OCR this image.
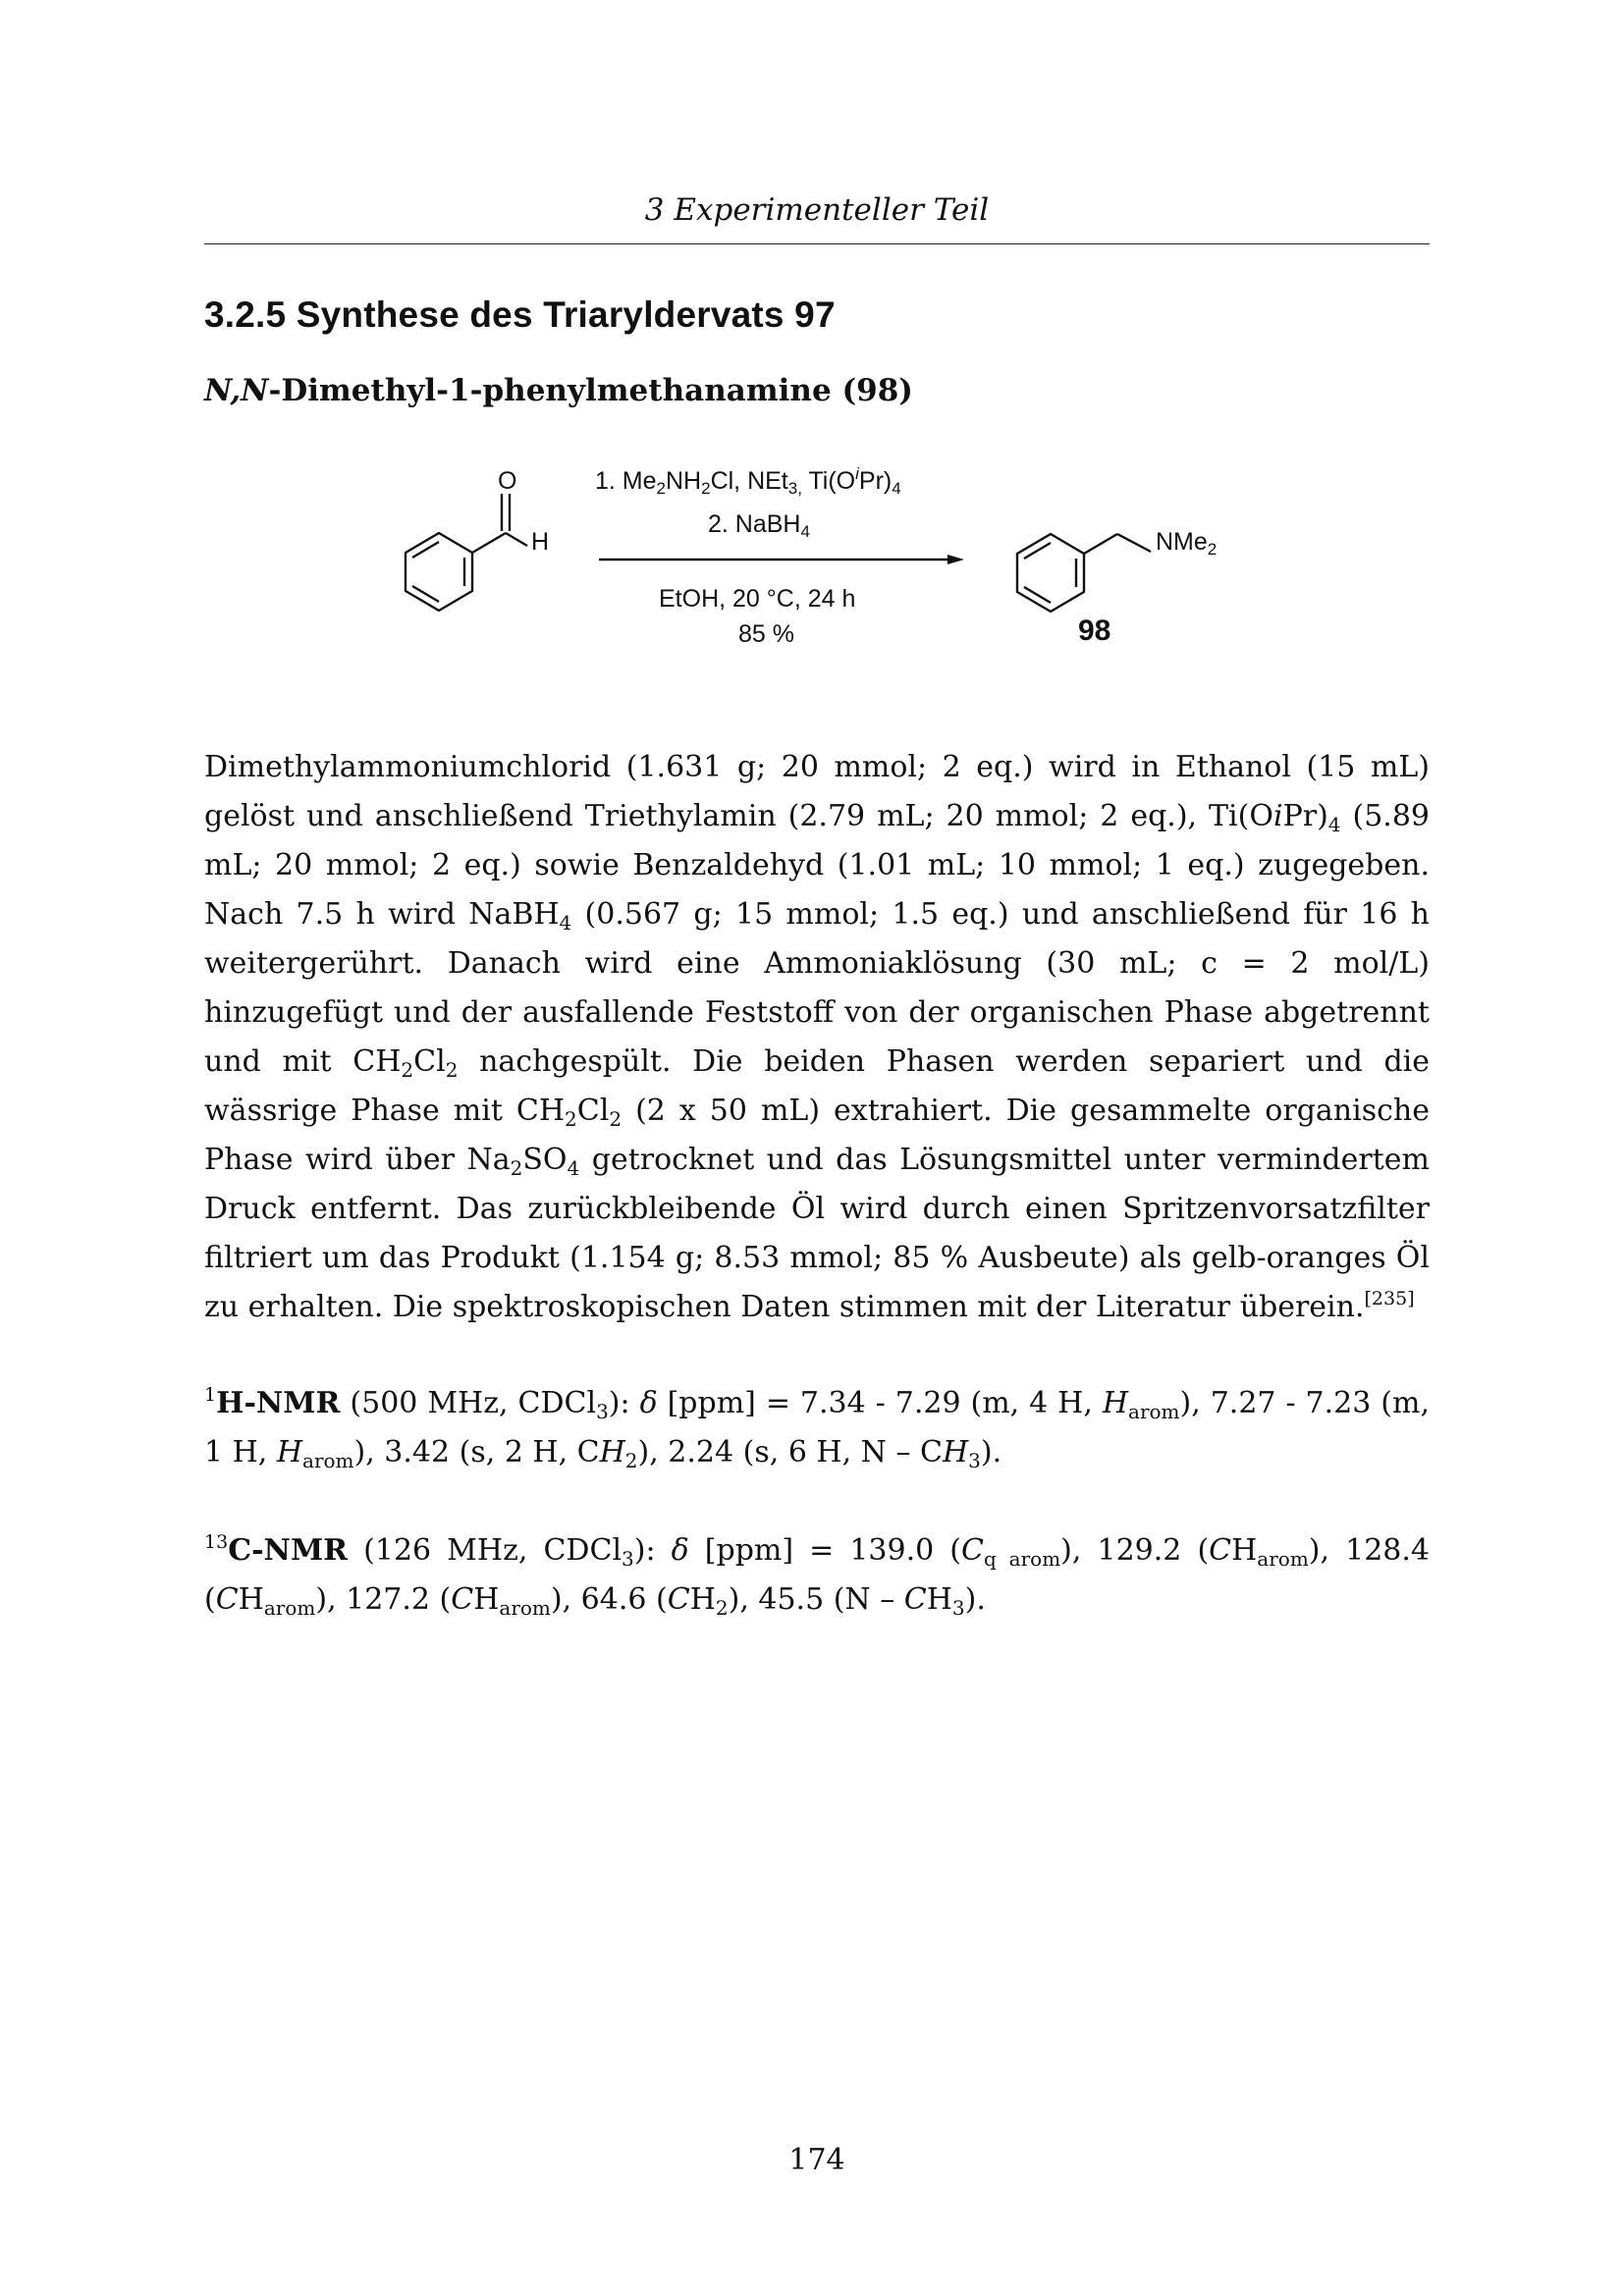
3 Experimenteller Teil
3.2.5 Synthese des Triaryldervats 97
N,N-Dimethyl-1-phenylmethanamine (98)
O
H	NMe$_2$
1. $Me_2NH_2Cl$, NEt$_{3,}$ $Ti(O^iPr)_4$
2. NaBH$_4$
EtOH, 20 °C, 24 h
85 %	98

Dimethylammoniumchlorid (1.631 g; 20 mmol; 2 eq.) wird in Ethanol (15 mL) gelöst und anschließend Triethylamin (2.79 mL; 20 mmol; 2 eq.), $Ti(OiPr)_4$ (5.89 mL; 20 mmol; 2 eq.) sowie Benzaldehyd (1.01 mL; 10 mmol; 1 eq.) zugegeben. Nach 7.5 h wird NaBH$_4$ (0.567 g; 15 mmol; 1.5 eq.) und anschließend für 16 h weitergerührt. Danach wird eine Ammoniaklösung (30 mL; c = 2 mol/L) hinzugefügt und der ausfallende Feststoff von der organischen Phase abgetrennt und mit $CH_2Cl_2$ nachgespült. Die beiden Phasen werden separiert und die wässrige Phase mit $CH_2Cl_2$ (2 x 50 mL) extrahiert. Die gesammelte organische Phase wird über $Na_2SO_4$ getrocknet und das Lösungsmittel unter vermindertem Druck entfernt. Das zurückbleibende Öl wird durch einen Spritzenvorsatzfilter filtriert um das Produkt (1.154 g; 8.53 mmol; 85 % Ausbeute) als gelb-oranges Öl zu erhalten. Die spektroskopischen Daten stimmen mit der Literatur überein.[235]

$^1$H-NMR (500 MHz, CDCl$_3$): δ [ppm] = 7.34 - 7.29 (m, 4 H, $H_{arom}$), 7.27 - 7.23 (m, 1 H, $H_{arom}$), 3.42 (s, 2 H, $CH_2$), 2.24 (s, 6 H, N – $CH_3$).

$^{13}$C-NMR (126 MHz, CDCl$_3$): δ [ppm] = 139.0 $(C_{q arom})$, 129.2 $(CH_{arom})$, 128.4 $(CH_{arom})$, 127.2 $(CH_{arom})$, 64.6 $(CH_2)$, 45.5 $(N - CH_3)$.

174
